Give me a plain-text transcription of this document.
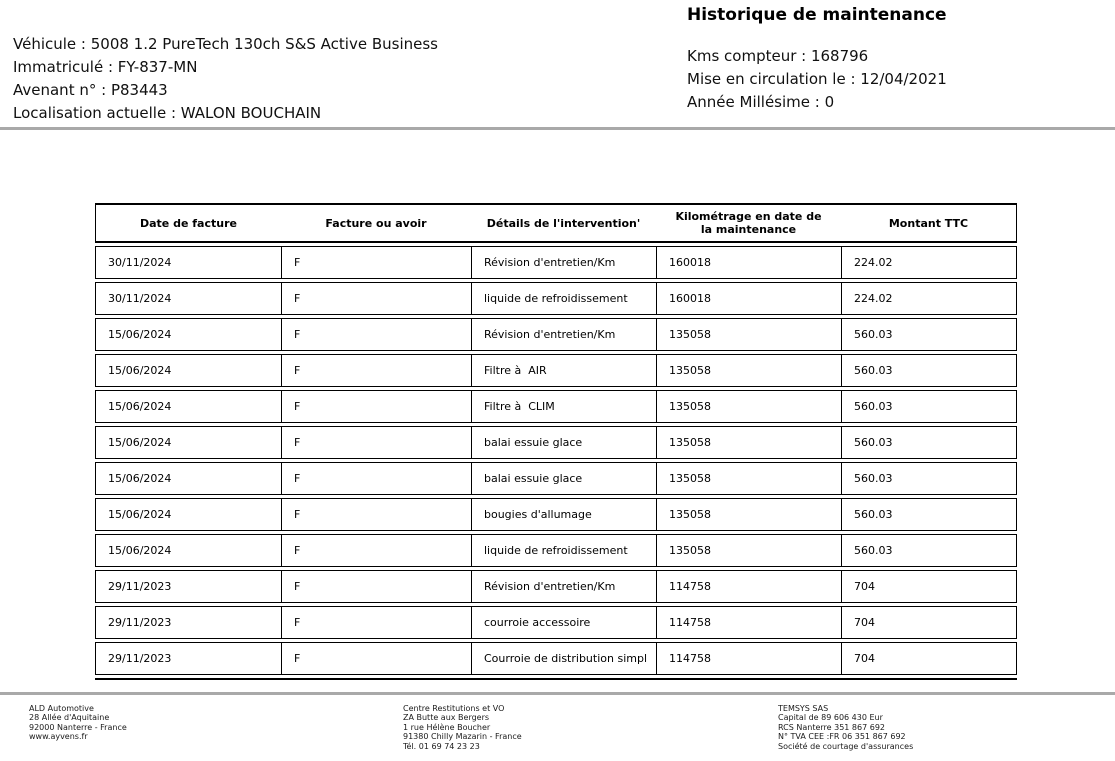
Véhicule : 5008 1.2 PureTech 130ch S&S Active Business
Immatriculé : FY-837-MN
Avenant n° : P83443
Localisation actuelle : WALON BOUCHAIN
Historique de maintenance
Kms compteur : 168796
Mise en circulation le : 12/04/2021
Année Millésime : 0
Date de facture	Facture ou avoir	Détails de l'intervention'	Kilométrage en date de la maintenance	Montant TTC
30/11/2024	F	Révision d'entretien/Km	160018	224.02
30/11/2024	F	liquide de refroidissement	160018	224.02
15/06/2024	F	Révision d'entretien/Km	135058	560.03
15/06/2024	F	Filtre à  AIR	135058	560.03
15/06/2024	F	Filtre à  CLIM	135058	560.03
15/06/2024	F	balai essuie glace	135058	560.03
15/06/2024	F	balai essuie glace	135058	560.03
15/06/2024	F	bougies d'allumage	135058	560.03
15/06/2024	F	liquide de refroidissement	135058	560.03
29/11/2023	F	Révision d'entretien/Km	114758	704
29/11/2023	F	courroie accessoire	114758	704
29/11/2023	F	Courroie de distribution simpl	114758	704
ALD Automotive
28 Allée d'Aquitaine
92000 Nanterre - France
www.ayvens.fr
Centre Restitutions et VO
ZA Butte aux Bergers
1 rue Hélène Boucher
91380 Chilly Mazarin - France
Tél. 01 69 74 23 23
TEMSYS SAS
Capital de 89 606 430 Eur
RCS Nanterre 351 867 692
N° TVA CEE :FR 06 351 867 692
Société de courtage d'assurances
